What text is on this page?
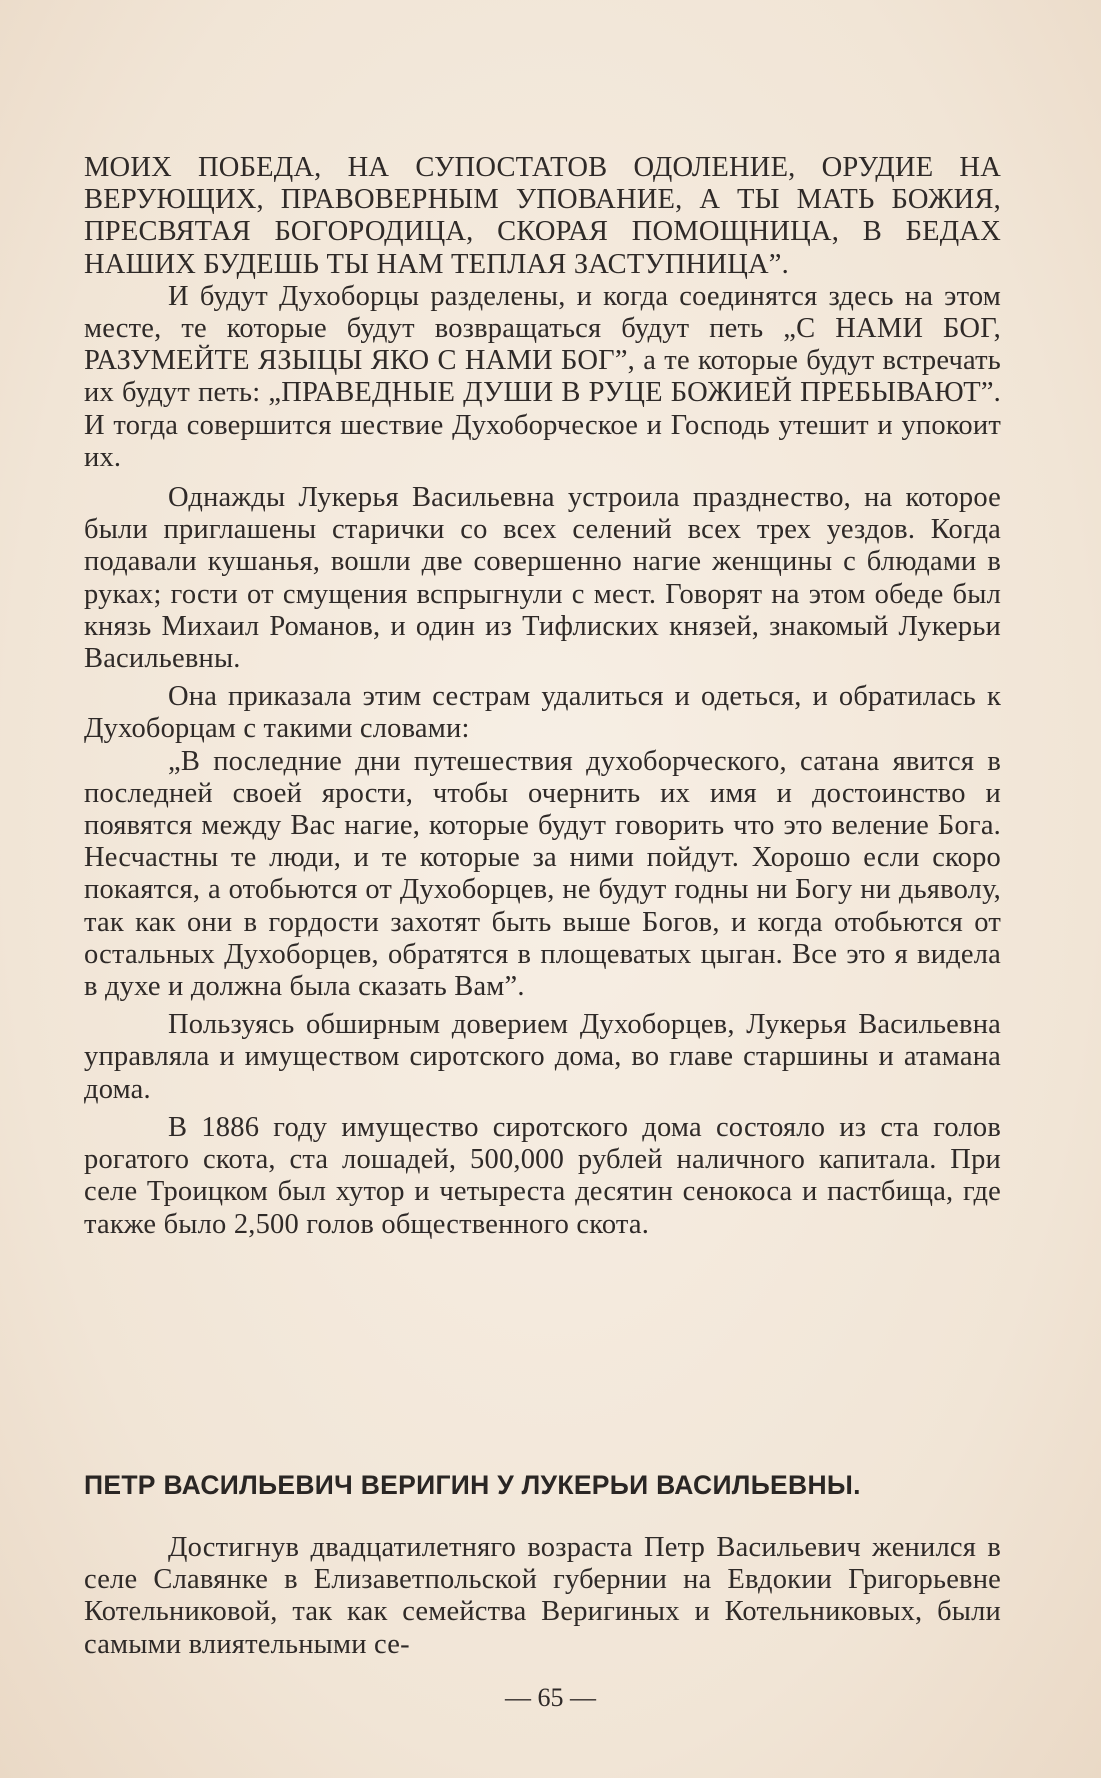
МОИХ ПОБЕДА, НА СУПОСТАТОВ ОДОЛЕНИЕ, ОРУДИЕ НА ВЕРУЮЩИХ, ПРАВОВЕРНЫМ УПОВАНИЕ, А ТЫ МАТЬ БОЖИЯ, ПРЕСВЯТАЯ БОГОРОДИЦА, СКОРАЯ ПОМОЩНИЦА, В БЕДАХ НАШИХ БУДЕШЬ ТЫ НАМ ТЕПЛАЯ ЗАСТУПНИЦА”.

И будут Духоборцы разделены, и когда соединятся здесь на этом месте, те которые будут возвращаться будут петь „С НАМИ БОГ, РАЗУМЕЙТЕ ЯЗЫЦЫ ЯКО С НАМИ БОГ”, а те которые будут встречать их будут петь: „ПРАВЕДНЫЕ ДУШИ В РУЦЕ БОЖИЕЙ ПРЕБЫВАЮТ”. И тогда совершится шествие Духоборческое и Господь утешит и упокоит их.

Однажды Лукерья Васильевна устроила празднество, на которое были приглашены старички со всех селений всех трех уездов. Когда подавали кушанья, вошли две совершенно нагие женщины с блюдами в руках; гости от смущения вспрыгнули с мест. Говорят на этом обеде был князь Михаил Романов, и один из Тифлиских князей, знакомый Лукерьи Васильевны.

Она приказала этим сестрам удалиться и одеться, и обратилась к Духоборцам с такими словами:

„В последние дни путешествия духоборческого, сатана явится в последней своей ярости, чтобы очернить их имя и достоинство и появятся между Вас нагие, которые будут говорить что это веление Бога. Несчастны те люди, и те которые за ними пойдут. Хорошо если скоро покаятся, а отобьются от Духоборцев, не будут годны ни Богу ни дьяволу, так как они в гордости захотят быть выше Богов, и когда отобьются от остальных Духоборцев, обратятся в площеватых цыган. Все это я видела в духе и должна была сказать Вам”.

Пользуясь обширным доверием Духоборцев, Лукерья Васильевна управляла и имуществом сиротского дома, во главе старшины и атамана дома.

В 1886 году имущество сиротского дома состояло из ста голов рогатого скота, ста лошадей, 500,000 рублей наличного капитала. При селе Троицком был хутор и четыреста десятин сенокоса и пастбища, где также было 2,500 голов общественного скота.

ПЕТР ВАСИЛЬЕВИЧ ВЕРИГИН У ЛУКЕРЬИ ВАСИЛЬЕВНЫ.

Достигнув двадцатилетняго возраста Петр Васильевич женился в селе Славянке в Елизаветпольской губернии на Евдокии Григорьевне Котельниковой, так как семейства Веригиных и Котельниковых, были самыми влиятельными се-

— 65 —
